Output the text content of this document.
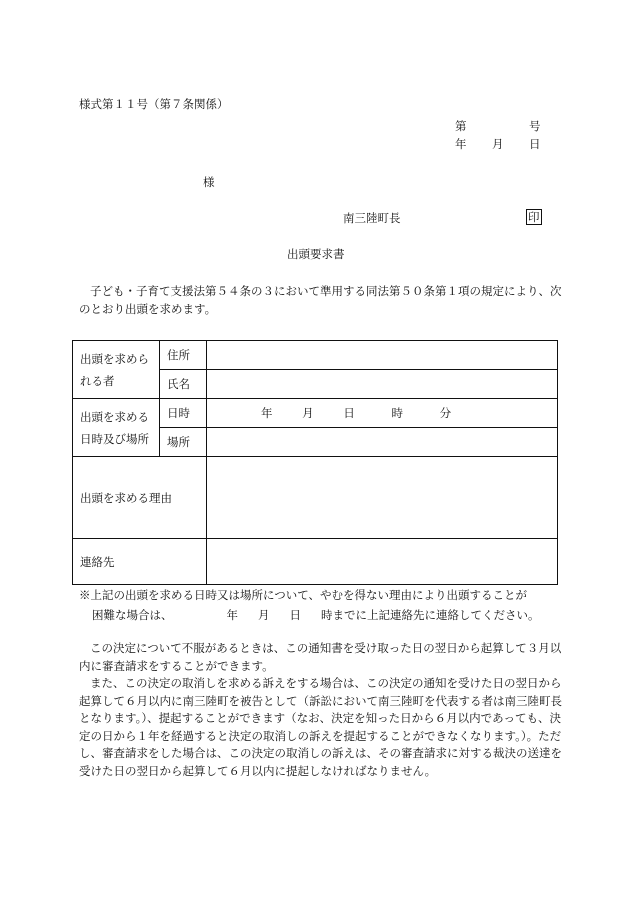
様式第１１号（第７条関係）
第	号
年 月 日
様
南三陸町長	印
出頭要求書
子ども・子育て支援法第５４条の３において準用する同法第５０条第１項の規定により、次のとおり出頭を求めます。
出頭を求められる者	住所	
	氏名	
出頭を求める日時及び場所	日時	年 月 日 時 分
	場所	
出頭を求める理由		
連絡先		
※上記の出頭を求める日時又は場所について、やむを得ない理由により出頭することが
困難な場合は、	年 月 日 時までに上記連絡先に連絡してください。
この決定について不服があるときは、この通知書を受け取った日の翌日から起算して３月以内に審査請求をすることができます。
また、この決定の取消しを求める訴えをする場合は、この決定の通知を受けた日の翌日から起算して６月以内に南三陸町を被告として（訴訟において南三陸町を代表する者は南三陸町長となります。）、提起することができます（なお、決定を知った日から６月以内であっても、決定の日から１年を経過すると決定の取消しの訴えを提起することができなくなります。）。ただし、審査請求をした場合は、この決定の取消しの訴えは、その審査請求に対する裁決の送達を受けた日の翌日から起算して６月以内に提起しなければなりません。
